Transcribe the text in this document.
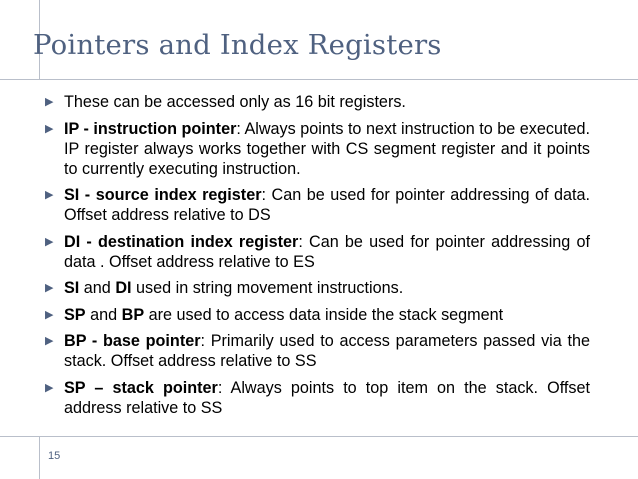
Pointers and Index Registers
▶ These can be accessed only as 16 bit registers.
▶ IP - instruction pointer: Always points to next instruction to be executed. IP register always works together with CS segment register and it points to currently executing instruction.
▶ SI - source index register: Can be used for pointer addressing of data. Offset address relative to DS
▶ DI - destination index register: Can be used for pointer addressing of data . Offset address relative to ES
▶ SI and DI used in string movement instructions.
▶ SP and BP are used to access data inside the stack segment
▶ BP - base pointer: Primarily used to access parameters passed via the stack. Offset address relative to SS
▶ SP – stack pointer: Always points to top item on the stack. Offset address relative to SS
15
